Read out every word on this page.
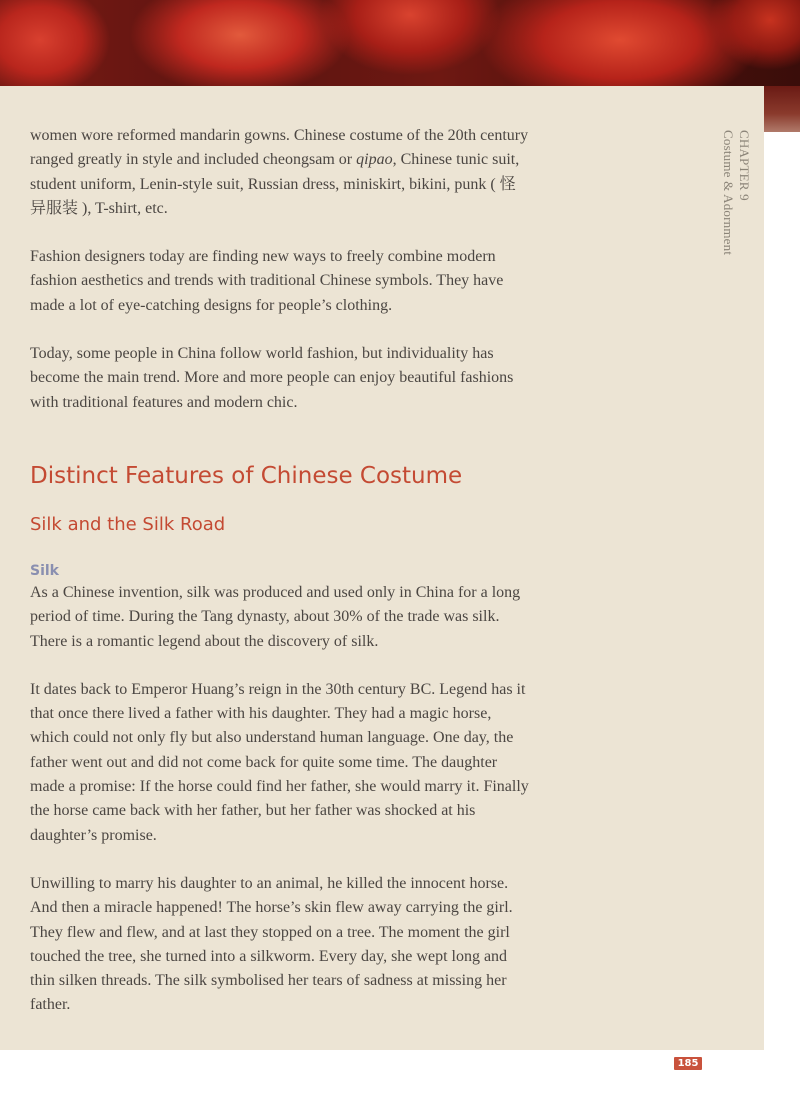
CHAPTER 9
Costume & Adornment

women wore reformed mandarin gowns. Chinese costume of the 20th century ranged greatly in style and included cheongsam or qipao, Chinese tunic suit, student uniform, Lenin-style suit, Russian dress, miniskirt, bikini, punk ( 怪异服装 ), T-shirt, etc.

Fashion designers today are finding new ways to freely combine modern fashion aesthetics and trends with traditional Chinese symbols. They have made a lot of eye-catching designs for people’s clothing.

Today, some people in China follow world fashion, but individuality has become the main trend. More and more people can enjoy beautiful fashions with traditional features and modern chic.

Distinct Features of Chinese Costume
Silk and the Silk Road
Silk

As a Chinese invention, silk was produced and used only in China for a long period of time. During the Tang dynasty, about 30% of the trade was silk. There is a romantic legend about the discovery of silk.

It dates back to Emperor Huang’s reign in the 30th century BC. Legend has it that once there lived a father with his daughter. They had a magic horse, which could not only fly but also understand human language. One day, the father went out and did not come back for quite some time. The daughter made a promise: If the horse could find her father, she would marry it. Finally the horse came back with her father, but her father was shocked at his daughter’s promise.

Unwilling to marry his daughter to an animal, he killed the innocent horse. And then a miracle happened! The horse’s skin flew away carrying the girl. They flew and flew, and at last they stopped on a tree. The moment the girl touched the tree, she turned into a silkworm. Every day, she wept long and thin silken threads. The silk symbolised her tears of sadness at missing her father.

185
